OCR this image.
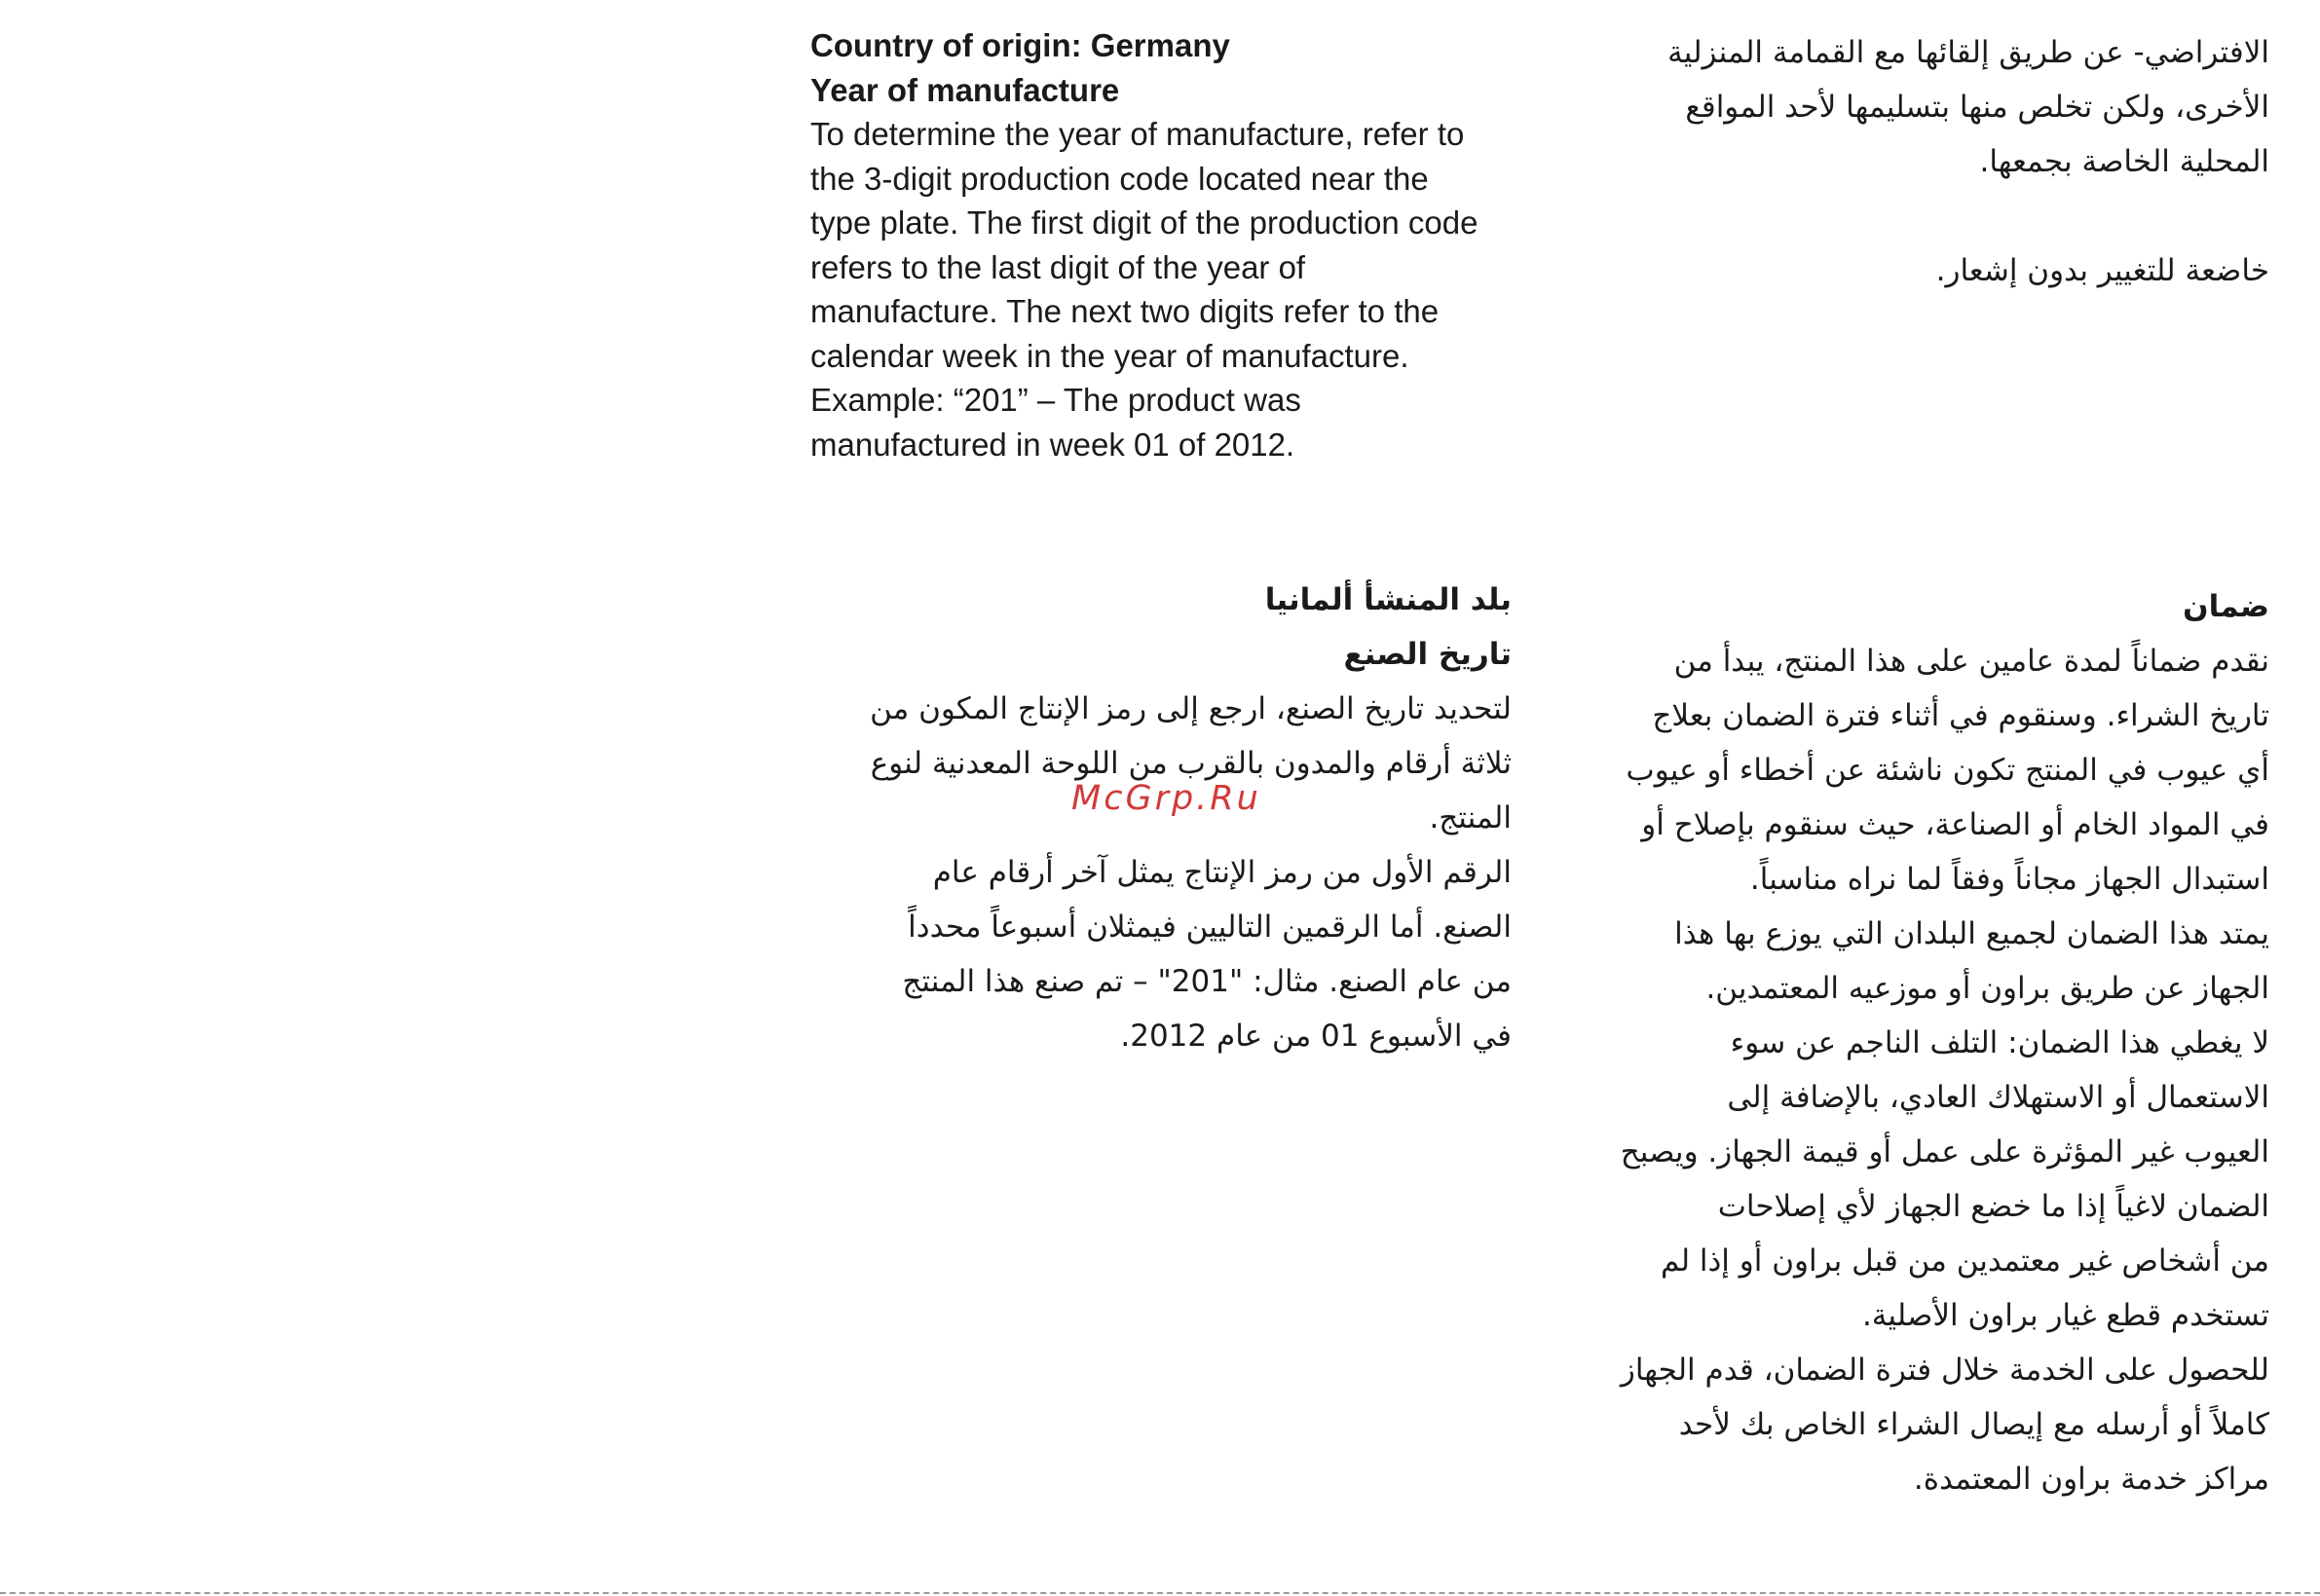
Country of origin: Germany

Year of manufacture

To determine the year of manufacture, refer to

the 3-digit production code located near the

type plate. The first digit of the production code

refers to the last digit of the year of

manufacture. The next two digits refer to the

calendar week in the year of manufacture.

Example: “201” – The product was

manufactured in week 01 of 2012.

الافتراضي- عن طريق إلقائها مع القمامة المنزلية

الأخرى، ولكن تخلص منها بتسليمها لأحد المواقع

المحلية الخاصة بجمعها.

خاضعة للتغيير بدون إشعار.

بلد المنشأ ألمانيا

تاريخ الصنع

لتحديد تاريخ الصنع، ارجع إلى رمز الإنتاج المكون من

ثلاثة أرقام والمدون بالقرب من اللوحة المعدنية لنوع

المنتج.

الرقم الأول من رمز الإنتاج يمثل آخر أرقام عام

الصنع. أما الرقمين التاليين فيمثلان أسبوعاً محدداً

من عام الصنع. مثال: "201" – تم صنع هذا المنتج

في الأسبوع 01 من عام 2012.

ضمان

نقدم ضماناً لمدة عامين على هذا المنتج، يبدأ من

تاريخ الشراء. وسنقوم في أثناء فترة الضمان بعلاج

أي عيوب في المنتج تكون ناشئة عن أخطاء أو عيوب

في المواد الخام أو الصناعة، حيث سنقوم بإصلاح أو

استبدال الجهاز مجاناً وفقاً لما نراه مناسباً.

يمتد هذا الضمان لجميع البلدان التي يوزع بها هذا

الجهاز عن طريق براون أو موزعيه المعتمدين.

لا يغطي هذا الضمان: التلف الناجم عن سوء

الاستعمال أو الاستهلاك العادي، بالإضافة إلى

العيوب غير المؤثرة على عمل أو قيمة الجهاز. ويصبح

الضمان لاغياً إذا ما خضع الجهاز لأي إصلاحات

من أشخاص غير معتمدين من قبل براون أو إذا لم

تستخدم قطع غيار براون الأصلية.

للحصول على الخدمة خلال فترة الضمان، قدم الجهاز

كاملاً أو أرسله مع إيصال الشراء الخاص بك لأحد

مراكز خدمة براون المعتمدة.

McGrp.Ru
